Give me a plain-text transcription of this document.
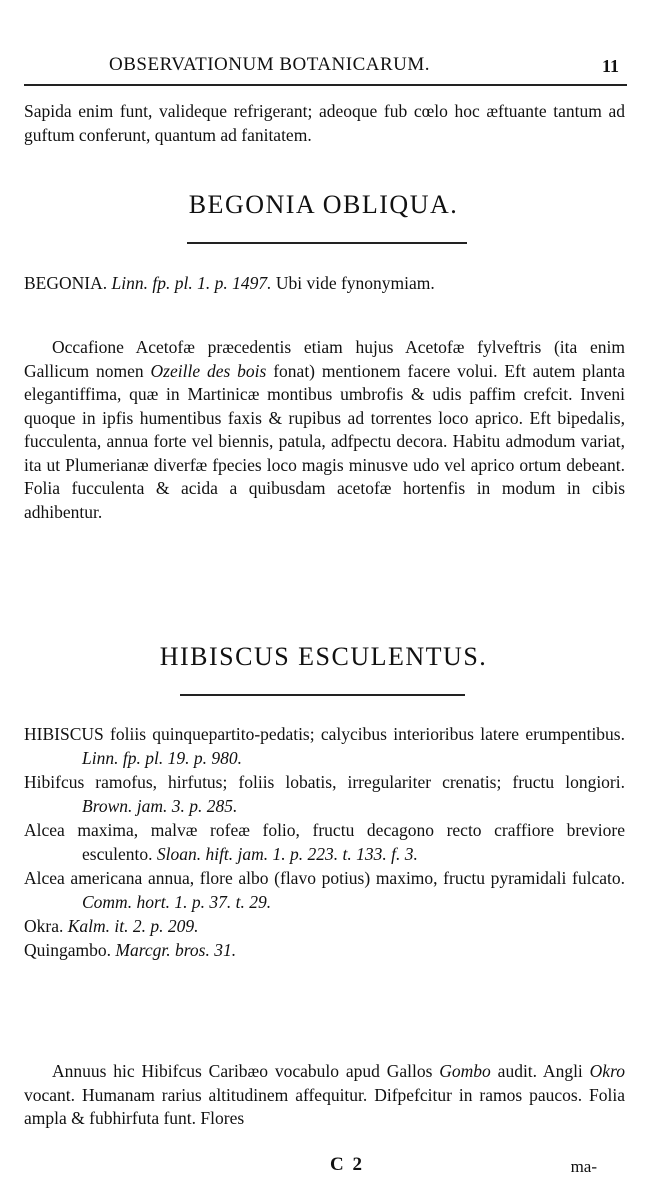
OBSERVATIONUM BOTANICARUM.	11

Sapida enim funt, valideque refrigerant; adeoque fub cœlo hoc æftuante tantum ad guftum conferunt, quantum ad fanitatem.

BEGONIA OBLIQUA.

BEGONIA. Linn. fp. pl. 1. p. 1497. Ubi vide fynonymiam.

Occafione Acetofæ præcedentis etiam hujus Acetofæ fylveftris (ita enim Gallicum nomen Ozeille des bois fonat) mentionem facere volui. Eft autem planta elegantiffima, quæ in Martinicæ montibus umbrofis & udis paffim crefcit. Inveni quoque in ipfis humentibus faxis & rupibus ad torrentes loco aprico. Eft bipedalis, fucculenta, annua forte vel biennis, patula, adfpectu decora. Habitu admodum variat, ita ut Plumerianæ diverfæ fpecies loco magis minusve udo vel aprico ortum debeant. Folia fucculenta & acida a quibusdam acetofæ hortenfis in modum in cibis adhibentur.

HIBISCUS ESCULENTUS.

HIBISCUS foliis quinquepartito-pedatis; calycibus interioribus latere erumpentibus. Linn. fp. pl. 19. p. 980.

Hibifcus ramofus, hirfutus; foliis lobatis, irregulariter crenatis; fructu longiori. Brown. jam. 3. p. 285.

Alcea maxima, malvæ rofeæ folio, fructu decagono recto craffiore breviore esculento. Sloan. hift. jam. 1. p. 223. t. 133. f. 3.

Alcea americana annua, flore albo (flavo potius) maximo, fructu pyramidali fulcato. Comm. hort. 1. p. 37. t. 29.

Okra. Kalm. it. 2. p. 209.

Quingambo. Marcgr. bros. 31.

Annuus hic Hibifcus Caribæo vocabulo apud Gallos Gombo audit. Angli Okro vocant. Humanam rarius altitudinem affequitur. Difpefcitur in ramos paucos. Folia ampla & fubhirfuta funt. Flores

C 2	ma-
